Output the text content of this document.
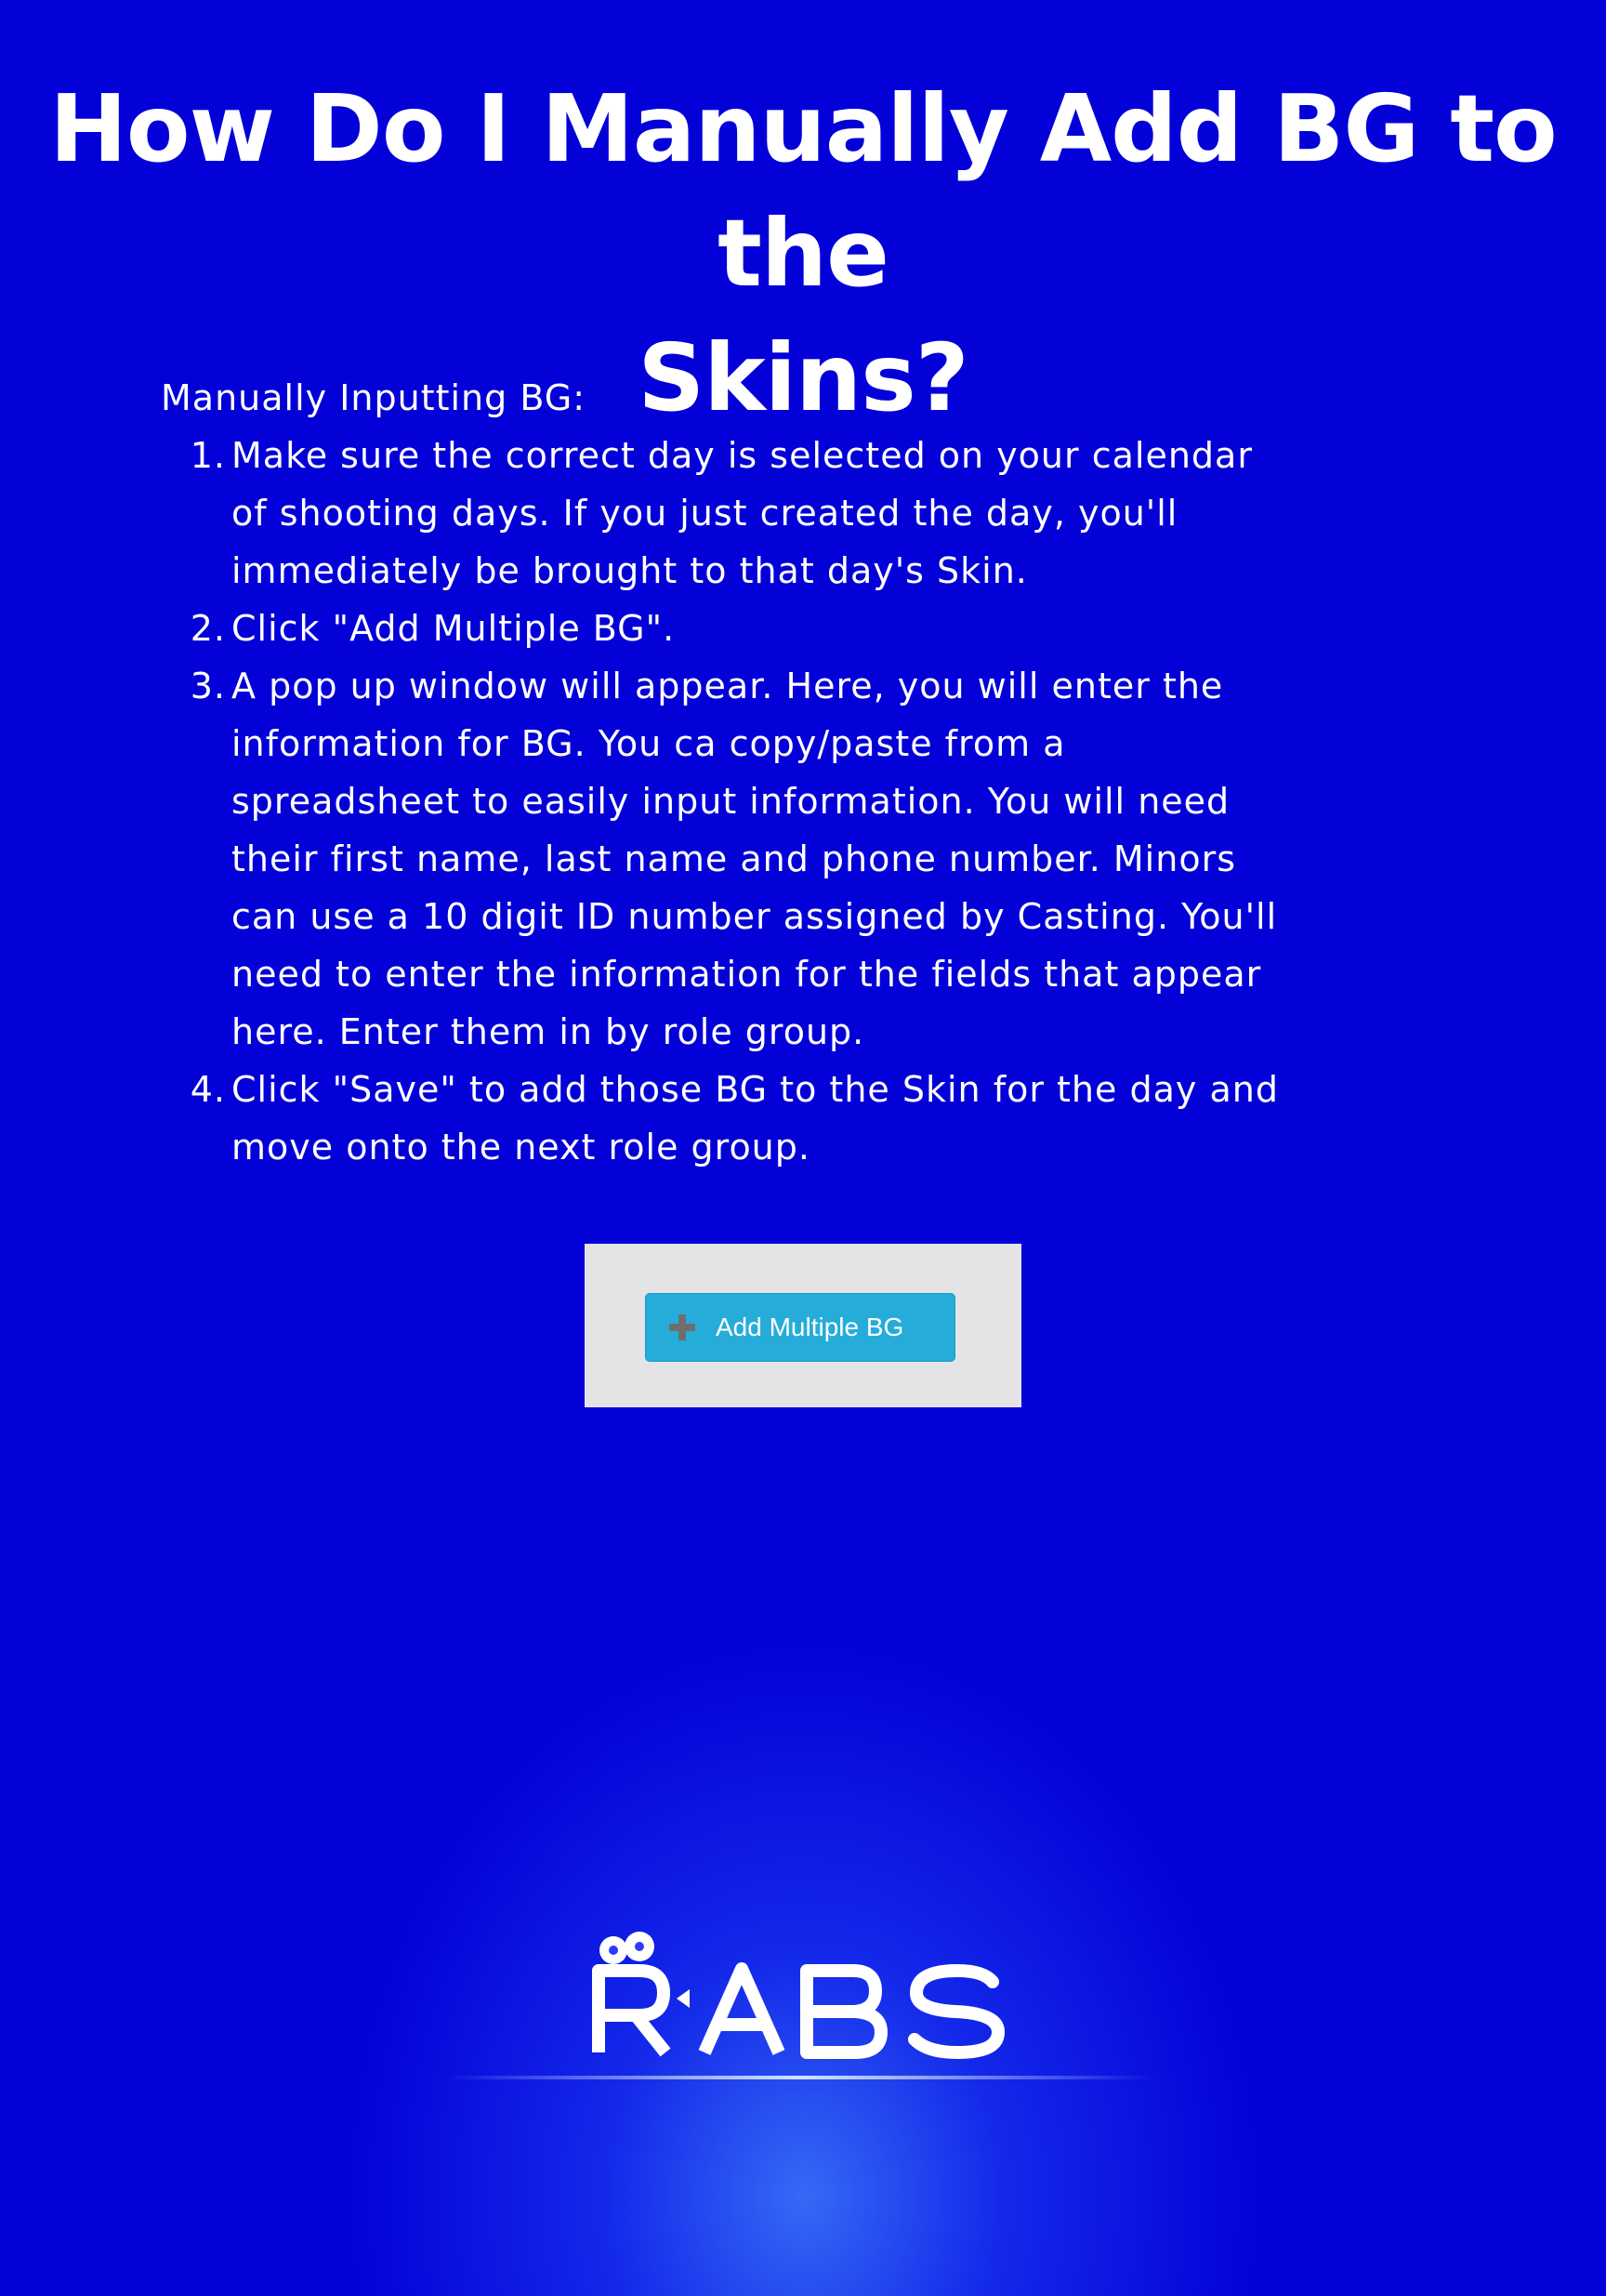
How Do I Manually Add BG to the
Skins?

Manually Inputting BG:

1. Make sure the correct day is selected on your calendar
of shooting days. If you just created the day, you'll
immediately be brought to that day's Skin.
2. Click "Add Multiple BG".
3. A pop up window will appear. Here, you will enter the
information for BG. You ca copy/paste from a
spreadsheet to easily input information. You will need
their first name, last name and phone number. Minors
can use a 10 digit ID number assigned by Casting. You'll
need to enter the information for the fields that appear
here. Enter them in by role group.
4. Click "Save" to add those BG to the Skin for the day and
move onto the next role group.
Add Multiple BG
